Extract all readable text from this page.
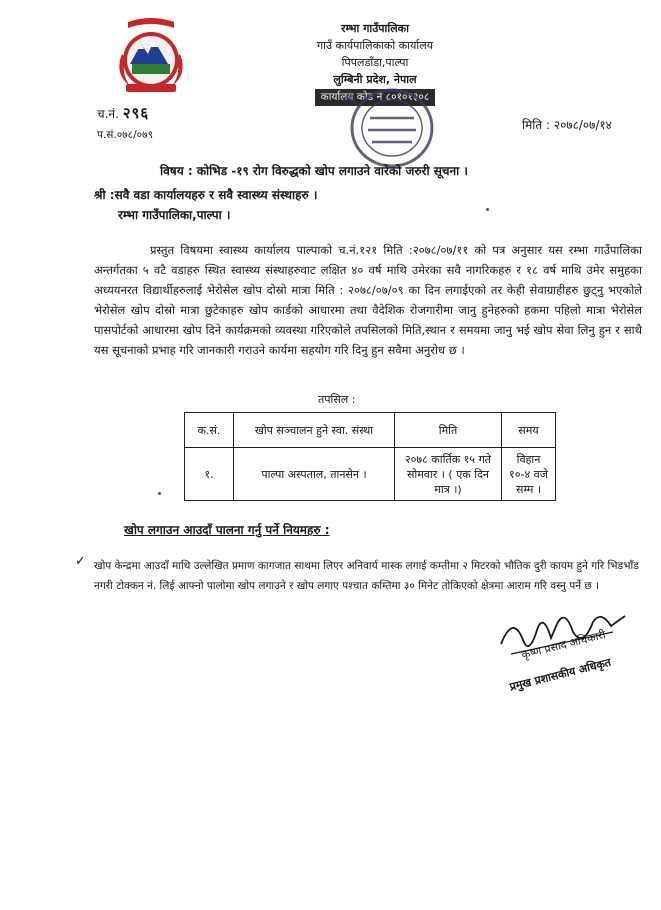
रम्भा गाउँपालिका
गाउँ कार्यपालिकाको कार्यालय
पिपलडाँडा,पाल्पा
लुम्बिनी प्रदेश, नेपाल
कार्यालय कोड नं ८०१०१३०८
च.नं. २९६
प.सं.०७८/०७९
मिति : २०७८/०७/१४
विषय : कोभिड -१९ रोग विरुद्धको खोप लगाउने वारेको जरुरी सूचना ।
श्री :सवै वडा कार्यालयहरु र सवै स्वास्थ्य संस्थाहरु ।
रम्भा गाउँपालिका,पाल्पा ।
प्रस्तुत विषयमा स्वास्थ्य कार्यालय पाल्पाको च.नं.१२१ मिति :२०७८/०७/११ को पत्र अनुसार यस रम्भा गाउँपालिका अन्तर्गतका ५ वटै वडाहरु स्थित स्वास्थ्य संस्थाहरुवाट लक्षित ४० वर्ष माथि उमेरका सवै नागरिकहरु र १८ वर्ष माथि उमेर समुहका अध्ययनरत विद्यार्थीहरुलाई भेरोसेल खोप दोस्रो मात्रा मिति : २०७८/०७/०९ का दिन लगाईएको तर केही सेवाग्राहीहरु छुट्नु भएकोले भेरोसेल खोप दोस्रो मात्रा छुटेकाहरु खोप कार्डको आधारमा तथा वैदेशिक रोजगारीमा जानु हुनेहरुको हकमा पहिलो मात्रा भेरोसेल पासपोर्टको आधारमा खोप दिने कार्यक्रमको व्यवस्था गरिएकोले तपसिलको मिति,स्थान र समयमा जानु भई खोप सेवा लिनु हुन र साथै यस सूचनाको प्रभाह गरि जानकारी गराउने कार्यमा सहयोग गरि दिनु हुन सवैमा अनुरोध छ ।
तपसिल :
क.सं.	खोप सञ्चालन हुने स्वा. संस्था	मिति	समय
१.	पाल्पा अस्पताल, तानसेन ।	२०७८ कार्तिक १५ गते सोमवार । ( एक दिन मात्र ।)	विहान १०-४ वजे सम्म ।
खोप लगाउन आउदाँ पालना गर्नु पर्ने नियमहरु :
✓ खोप केन्द्रमा आउदाँ माथि उल्लेखित प्रमाण कागजात साथमा लिएर अनिवार्य मास्क लगाई कम्तीमा २ मिटरको भौतिक दुरी कायम हुने गरि भिडभाँड नगरी टोक्कन नं. लिई आफ्नो पालोमा खोप लगाउने र खोप लगाए पश्चात कम्तिमा ३० मिनेट तोकिएको क्षेत्रमा आराम गरि वस्नु पर्ने छ ।
कृष्ण प्रसाद अधिकारी
प्रमुख प्रशासकीय अधिकृत
